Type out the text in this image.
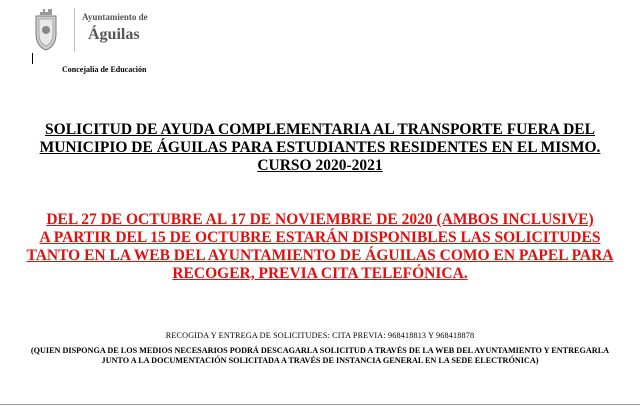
Ayuntamiento de
Águilas
Concejalía de Educación
SOLICITUD DE AYUDA COMPLEMENTARIA AL TRANSPORTE FUERA DEL MUNICIPIO DE ÁGUILAS PARA ESTUDIANTES RESIDENTES EN EL MISMO. CURSO 2020-2021
DEL 27 DE OCTUBRE AL 17 DE NOVIEMBRE DE 2020 (AMBOS INCLUSIVE)
A PARTIR DEL 15 DE OCTUBRE ESTARÁN DISPONIBLES LAS SOLICITUDES TANTO EN LA WEB DEL AYUNTAMIENTO DE ÁGUILAS COMO EN PAPEL PARA RECOGER, PREVIA CITA TELEFÓNICA.
RECOGIDA Y ENTREGA DE SOLICITUDES: CITA PREVIA: 968418813 Y 968418878
(QUIEN DISPONGA DE LOS MEDIOS NECESARIOS PODRÁ DESCAGARLA SOLICITUD A TRAVÉS DE LA WEB DEL AYUNTAMIENTO Y ENTREGARLA JUNTO A LA DOCUMENTACIÓN SOLICITADA A TRAVÉS DE INSTANCIA GENERAL EN LA SEDE ELECTRÓNICA)
